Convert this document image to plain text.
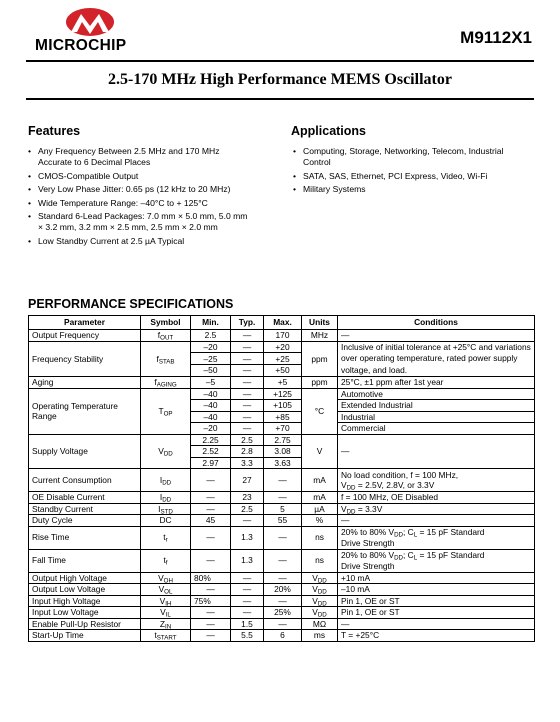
MICROCHIP	M9112X1
2.5-170 MHz High Performance MEMS Oscillator
Features
• Any Frequency Between 2.5 MHz and 170 MHz Accurate to 6 Decimal Places
• CMOS-Compatible Output
• Very Low Phase Jitter: 0.65 ps (12 kHz to 20 MHz)
• Wide Temperature Range: –40°C to + 125°C
• Standard 6-Lead Packages: 7.0 mm × 5.0 mm, 5.0 mm × 3.2 mm, 3.2 mm × 2.5 mm, 2.5 mm × 2.0 mm
• Low Standby Current at 2.5 µA Typical
Applications
• Computing, Storage, Networking, Telecom, Industrial Control
• SATA, SAS, Ethernet, PCI Express, Video, Wi-Fi
• Military Systems
PERFORMANCE SPECIFICATIONS
Parameter	Symbol	Min.	Typ.	Max.	Units	Conditions
Output Frequency	$f_{OUT}$	2.5	—	170	MHz	—
Frequency Stability	$f_{STAB}$	–20	—	+20	ppm	Inclusive of initial tolerance at +25°C and variations over operating temperature, rated power supply voltage, and load.
		–25	—	+25		
		–50	—	+50		
Aging	$f_{AGING}$	–5	—	+5	ppm	25°C, ±1 ppm after 1st year
Operating Temperature Range	$T_{OP}$	–40	—	+125	°C	Automotive
		–40	—	+105		Extended Industrial
		–40	—	+85		Industrial
		–20	—	+70		Commercial
Supply Voltage	$V_{DD}$	2.25	2.5	2.75	V	—
		2.52	2.8	3.08		
		2.97	3.3	3.63		
Current Consumption	$I_{DD}$	—	27	—	mA	No load condition, f = 100 MHz,
$V_{DD} = 2.5V$, 2.8V, or 3.3V
OE Disable Current	$I_{DD}$	—	23	—	mA	f = 100 MHz, OE Disabled
Standby Current	$I_{STD}$	—	2.5	5	µA	$V_{DD} = 3.3V$
Duty Cycle	DC	45	—	55	%	—
Rise Time	$t_r$	—	1.3	—	ns	20% to 80% $V_{DD}$; $C_L = 15$ pF Standard
Drive Strength
Fall Time	$t_f$	—	1.3	—	ns	20% to 80% $V_{DD}$; $C_L = 15$ pF Standard
Drive Strength
Output High Voltage	$V_{OH}$	80%	—	—	$V_{DD}$	+10 mA
Output Low Voltage	$V_{OL}$	—	—	20%	$V_{DD}$	–10 mA
Input High Voltage	$V_{IH}$	75%	—	—	$V_{DD}$	Pin 1, OE or ST
Input Low Voltage	$V_{IL}$	—	—	25%	$V_{DD}$	Pin 1, OE or ST
Enable Pull-Up Resistor	$Z_{IN}$	—	1.5	—	MΩ	—
Start-Up Time	$t_{START}$	—	5.5	6	ms	T = +25°C
